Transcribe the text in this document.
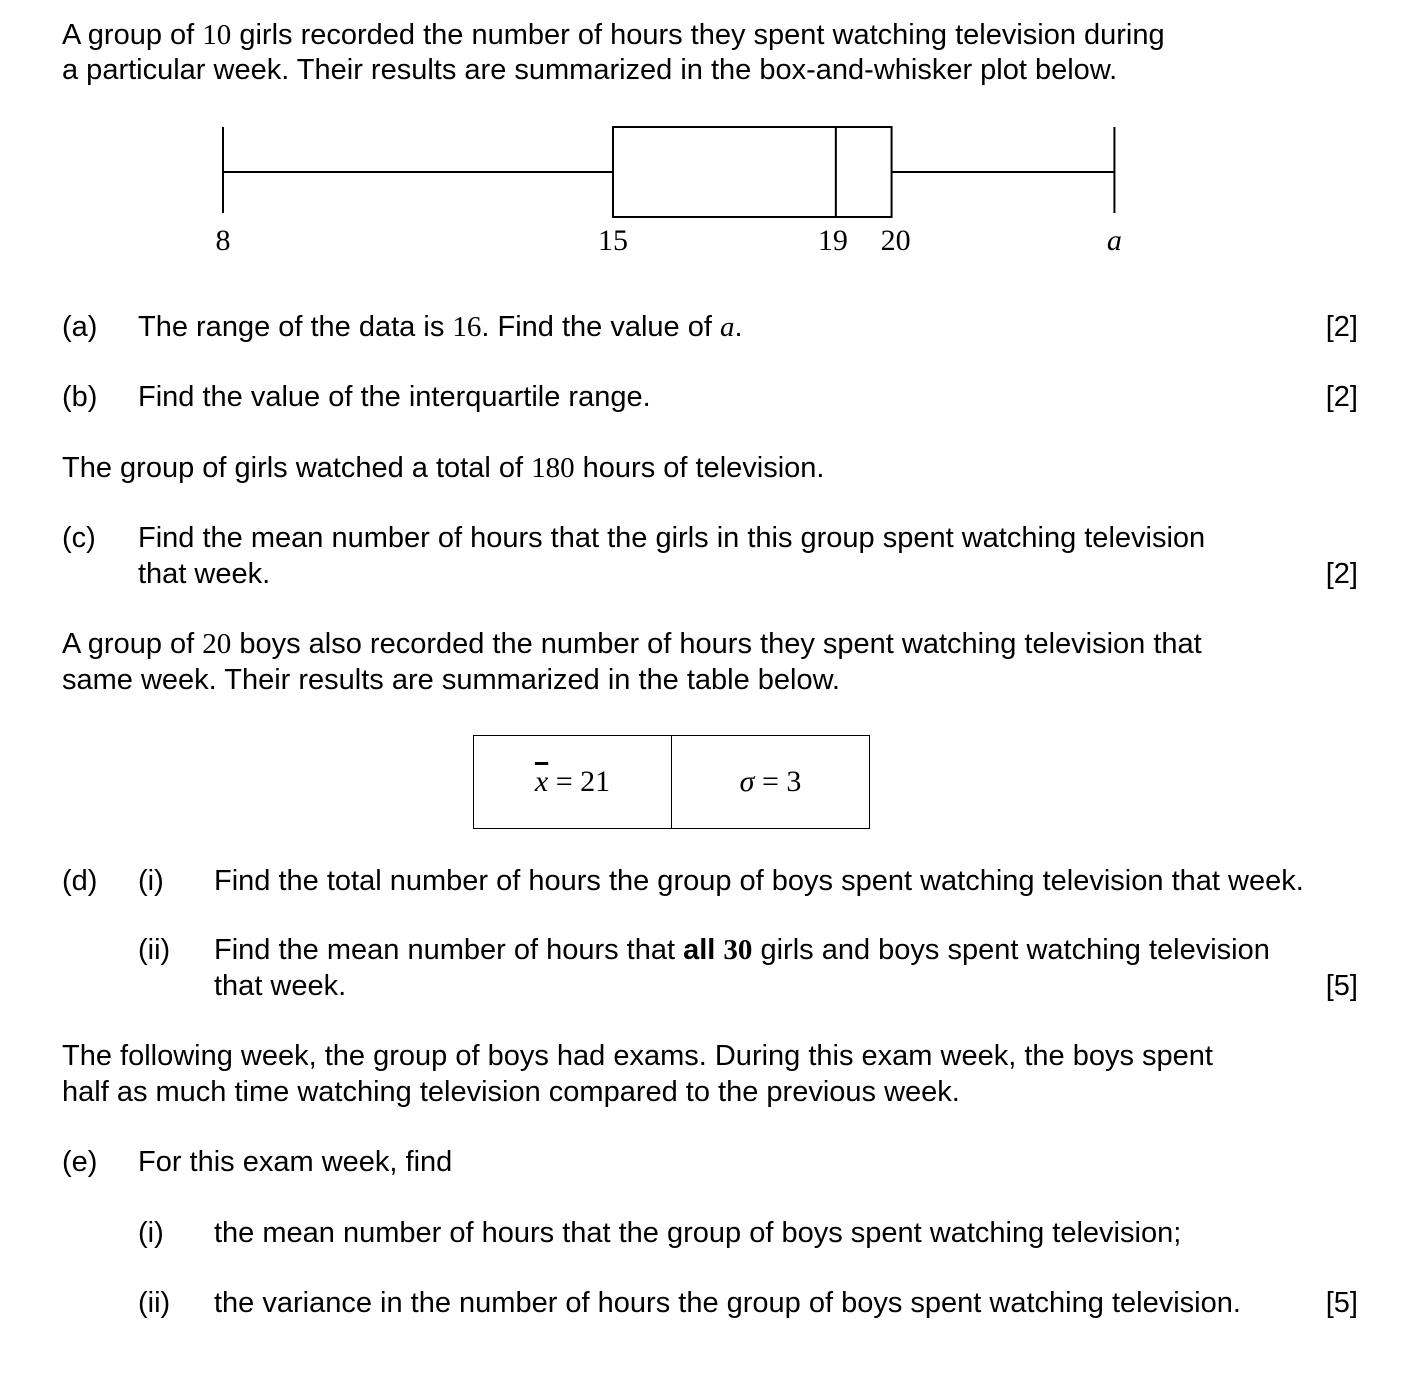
A group of 10 girls recorded the number of hours they spent watching television during
a particular week. Their results are summarized in the box-and-whisker plot below.
8	15	19 20	a
(a) The range of the data is 16. Find the value of a.	[2]
(b) Find the value of the interquartile range.	[2]
The group of girls watched a total of 180 hours of television.
(c) Find the mean number of hours that the girls in this group spent watching television
that week.	[2]
A group of 20 boys also recorded the number of hours they spent watching television that
same week. Their results are summarized in the table below.
$\overline{x} = 21$	σ = 3
(d) (i) Find the total number of hours the group of boys spent watching television that week.
(ii) Find the mean number of hours that all 30 girls and boys spent watching television
that week.	[5]
The following week, the group of boys had exams. During this exam week, the boys spent
half as much time watching television compared to the previous week.
(e) For this exam week, find
(i) the mean number of hours that the group of boys spent watching television;
(ii) the variance in the number of hours the group of boys spent watching television.	[5]
